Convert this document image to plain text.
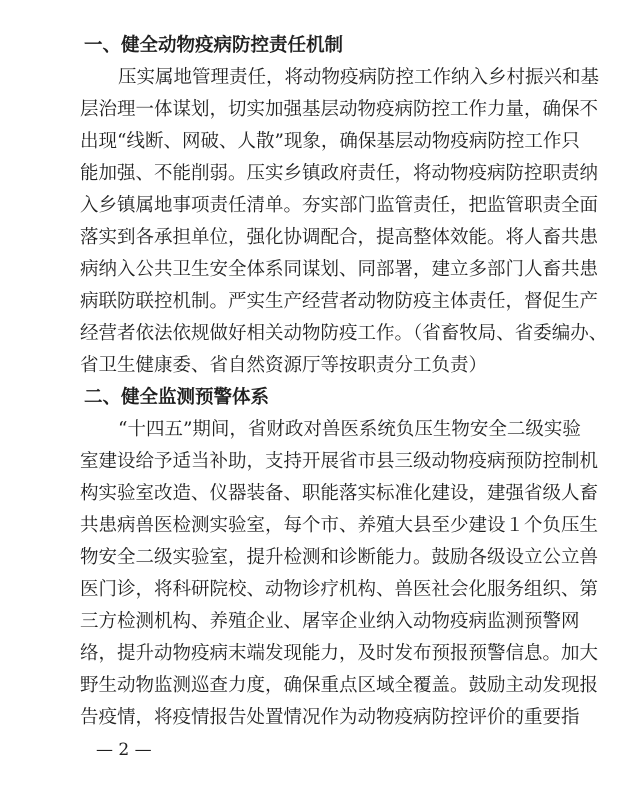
一、健全动物疫病防控责任机制
压实属地管理责任，将动物疫病防控工作纳入乡村振兴和基
层治理一体谋划，切实加强基层动物疫病防控工作力量，确保不
出现“线断、网破、人散”现象，确保基层动物疫病防控工作只
能加强、不能削弱。压实乡镇政府责任，将动物疫病防控职责纳
入乡镇属地事项责任清单。夯实部门监管责任，把监管职责全面
落实到各承担单位，强化协调配合，提高整体效能。将人畜共患
病纳入公共卫生安全体系同谋划、同部署，建立多部门人畜共患
病联防联控机制。严实生产经营者动物防疫主体责任，督促生产
经营者依法依规做好相关动物防疫工作。（省畜牧局、省委编办、
省卫生健康委、省自然资源厅等按职责分工负责）
二、健全监测预警体系
“十四五”期间，省财政对兽医系统负压生物安全二级实验
室建设给予适当补助，支持开展省市县三级动物疫病预防控制机
构实验室改造、仪器装备、职能落实标准化建设，建强省级人畜
共患病兽医检测实验室，每个市、养殖大县至少建设１个负压生
物安全二级实验室，提升检测和诊断能力。鼓励各级设立公立兽
医门诊，将科研院校、动物诊疗机构、兽医社会化服务组织、第
三方检测机构、养殖企业、屠宰企业纳入动物疫病监测预警网
络，提升动物疫病末端发现能力，及时发布预报预警信息。加大
野生动物监测巡查力度，确保重点区域全覆盖。鼓励主动发现报
告疫情，将疫情报告处置情况作为动物疫病防控评价的重要指
— 2 —
